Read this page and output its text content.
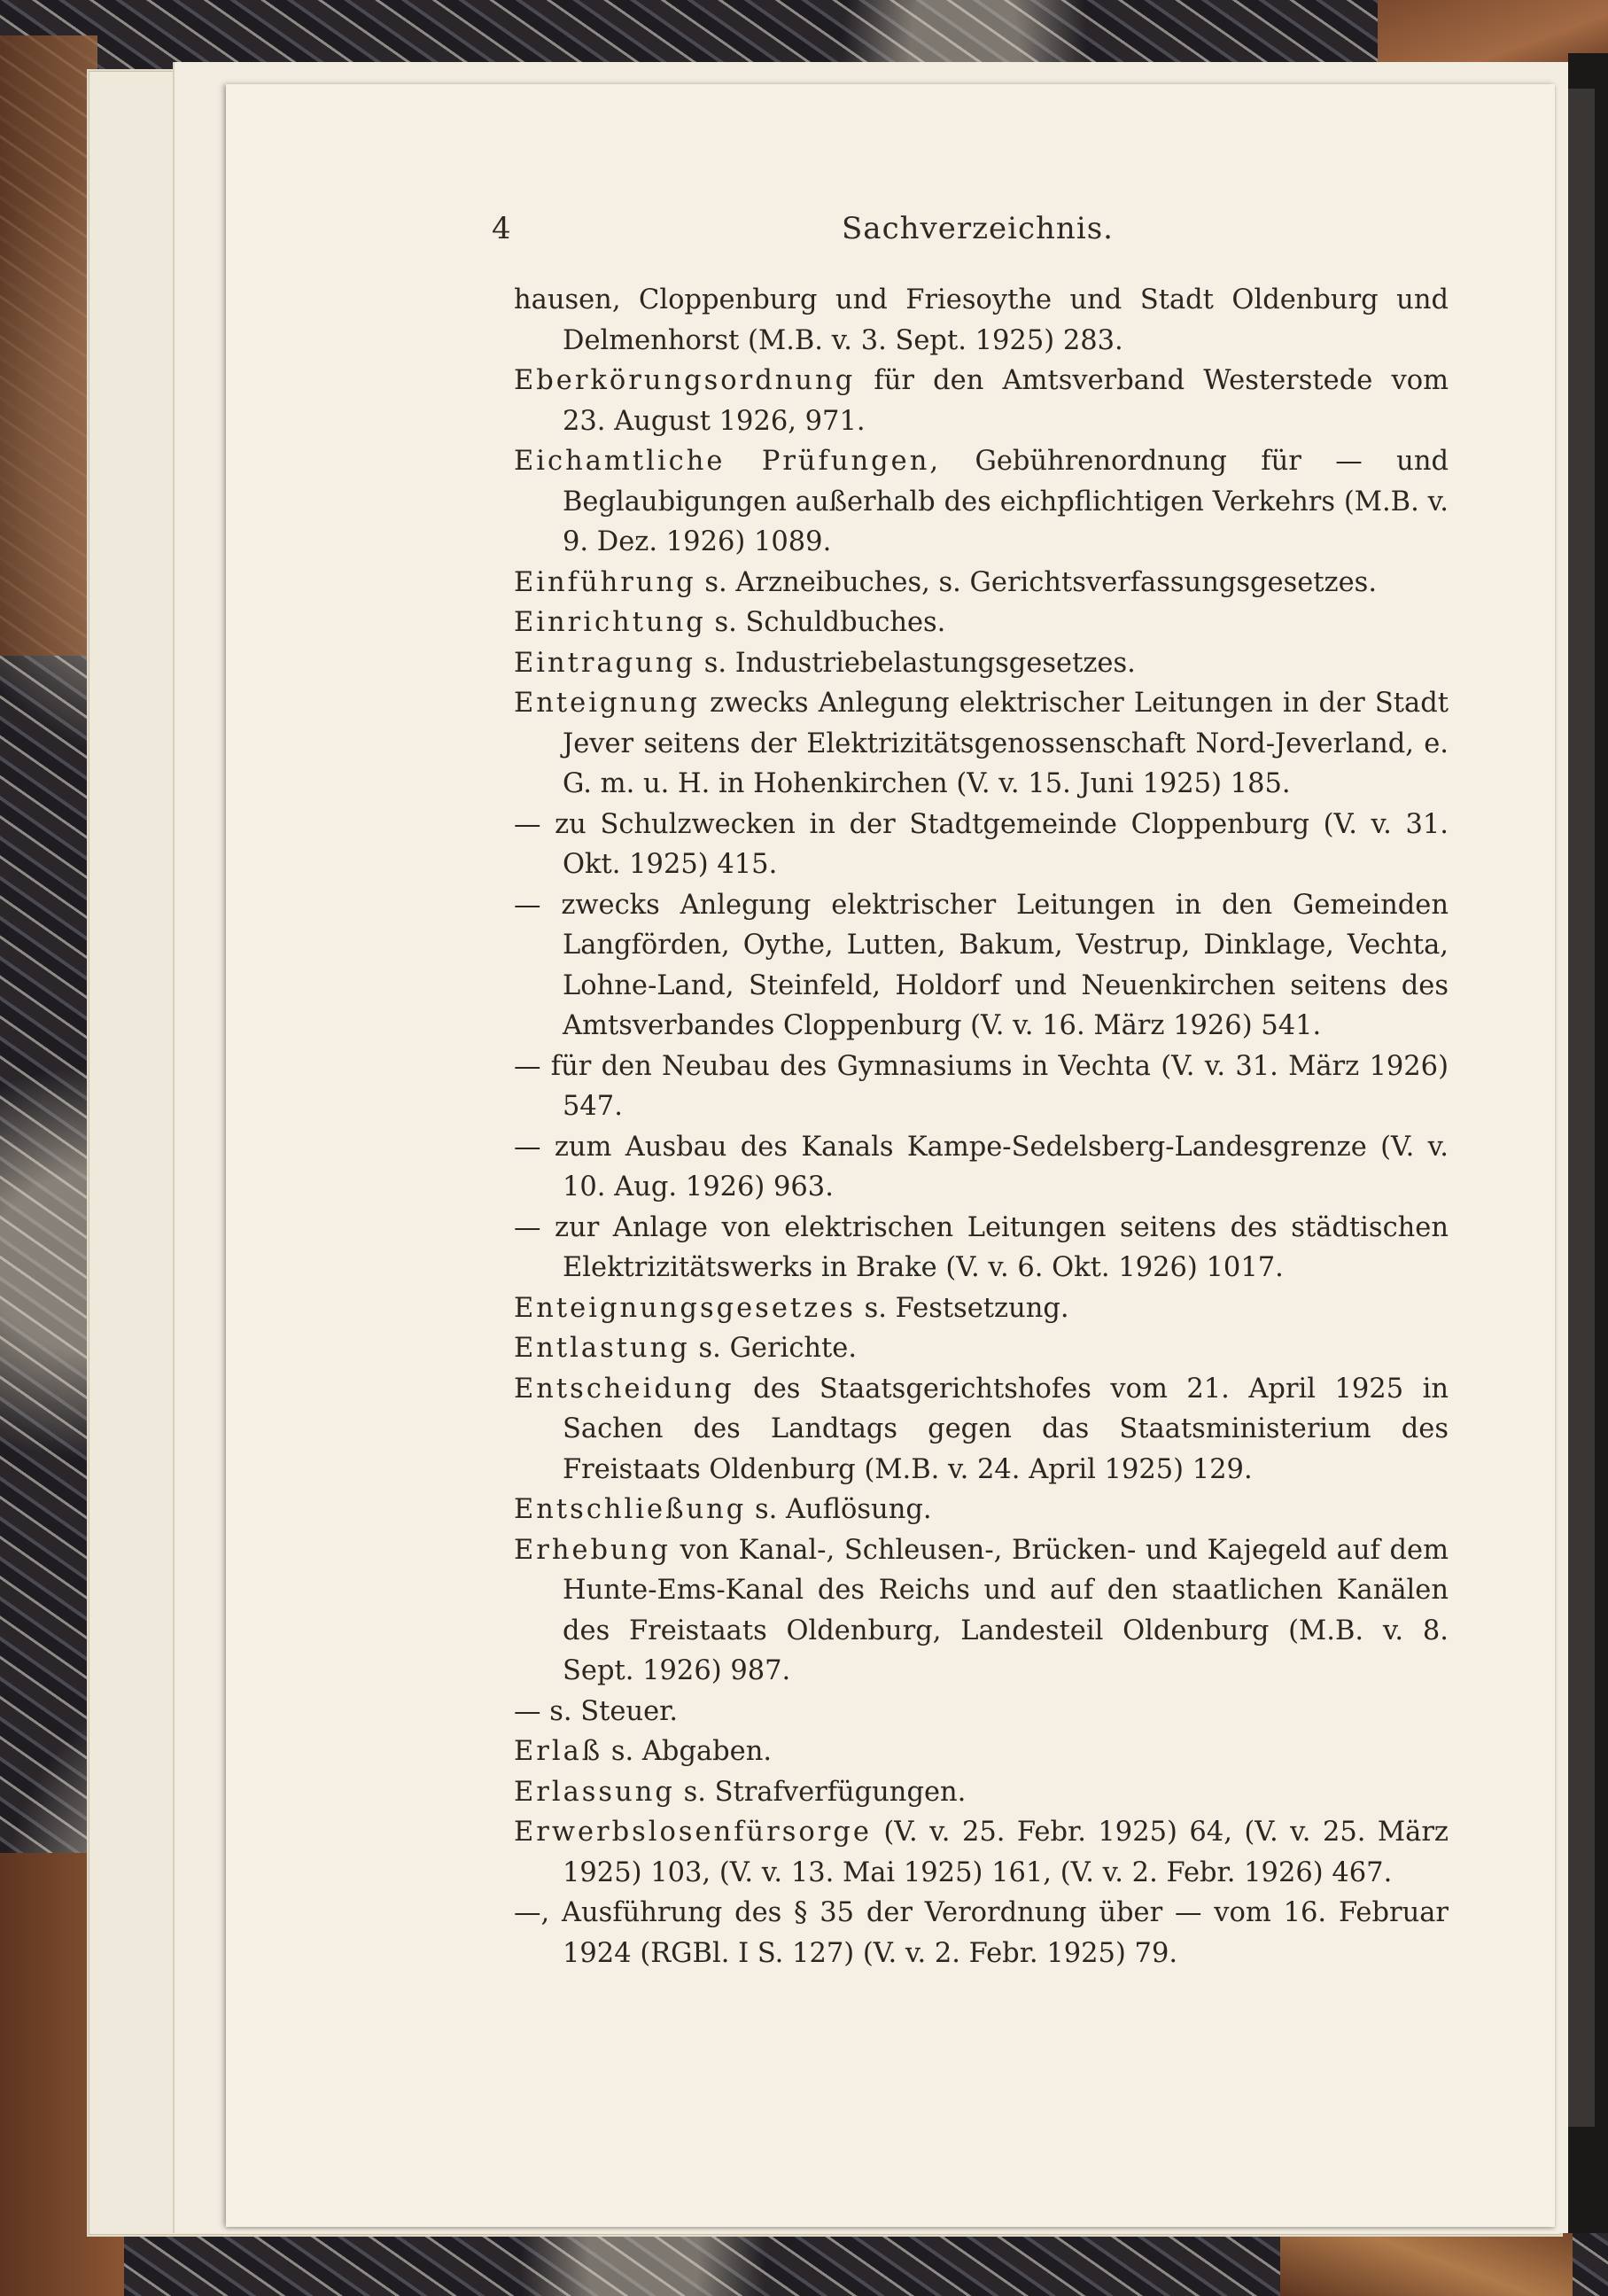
4	Sachverzeichnis.

hausen, Cloppenburg und Friesoythe und Stadt Oldenburg und Delmenhorst (M.B. v. 3. Sept. 1925) 283.

Eberkörungsordnung für den Amtsverband Westerstede vom 23. August 1926, 971.

Eichamtliche Prüfungen, Gebührenordnung für — und Beglaubigungen außerhalb des eichpflichtigen Verkehrs (M.B. v. 9. Dez. 1926) 1089.

Einführung s. Arzneibuches, s. Gerichtsverfassungsgesetzes.

Einrichtung s. Schuldbuches.

Eintragung s. Industriebelastungsgesetzes.

Enteignung zwecks Anlegung elektrischer Leitungen in der Stadt Jever seitens der Elektrizitätsgenossenschaft Nord-Jeverland, e. G. m. u. H. in Hohenkirchen (V. v. 15. Juni 1925) 185.

— zu Schulzwecken in der Stadtgemeinde Cloppenburg (V. v. 31. Okt. 1925) 415.

— zwecks Anlegung elektrischer Leitungen in den Gemeinden Langförden, Oythe, Lutten, Bakum, Vestrup, Dinklage, Vechta, Lohne-Land, Steinfeld, Holdorf und Neuenkirchen seitens des Amtsverbandes Cloppenburg (V. v. 16. März 1926) 541.

— für den Neubau des Gymnasiums in Vechta (V. v. 31. März 1926) 547.

— zum Ausbau des Kanals Kampe-Sedelsberg-Landesgrenze (V. v. 10. Aug. 1926) 963.

— zur Anlage von elektrischen Leitungen seitens des städtischen Elektrizitätswerks in Brake (V. v. 6. Okt. 1926) 1017.

Enteignungsgesetzes s. Festsetzung.

Entlastung s. Gerichte.

Entscheidung des Staatsgerichtshofes vom 21. April 1925 in Sachen des Landtags gegen das Staatsministerium des Freistaats Oldenburg (M.B. v. 24. April 1925) 129.

Entschließung s. Auflösung.

Erhebung von Kanal-, Schleusen-, Brücken- und Kajegeld auf dem Hunte-Ems-Kanal des Reichs und auf den staatlichen Kanälen des Freistaats Oldenburg, Landesteil Oldenburg (M.B. v. 8. Sept. 1926) 987.

— s. Steuer.

Erlaß s. Abgaben.

Erlassung s. Strafverfügungen.

Erwerbslosenfürsorge (V. v. 25. Febr. 1925) 64, (V. v. 25. März 1925) 103, (V. v. 13. Mai 1925) 161, (V. v. 2. Febr. 1926) 467.

—, Ausführung des § 35 der Verordnung über — vom 16. Februar 1924 (RGBl. I S. 127) (V. v. 2. Febr. 1925) 79.
